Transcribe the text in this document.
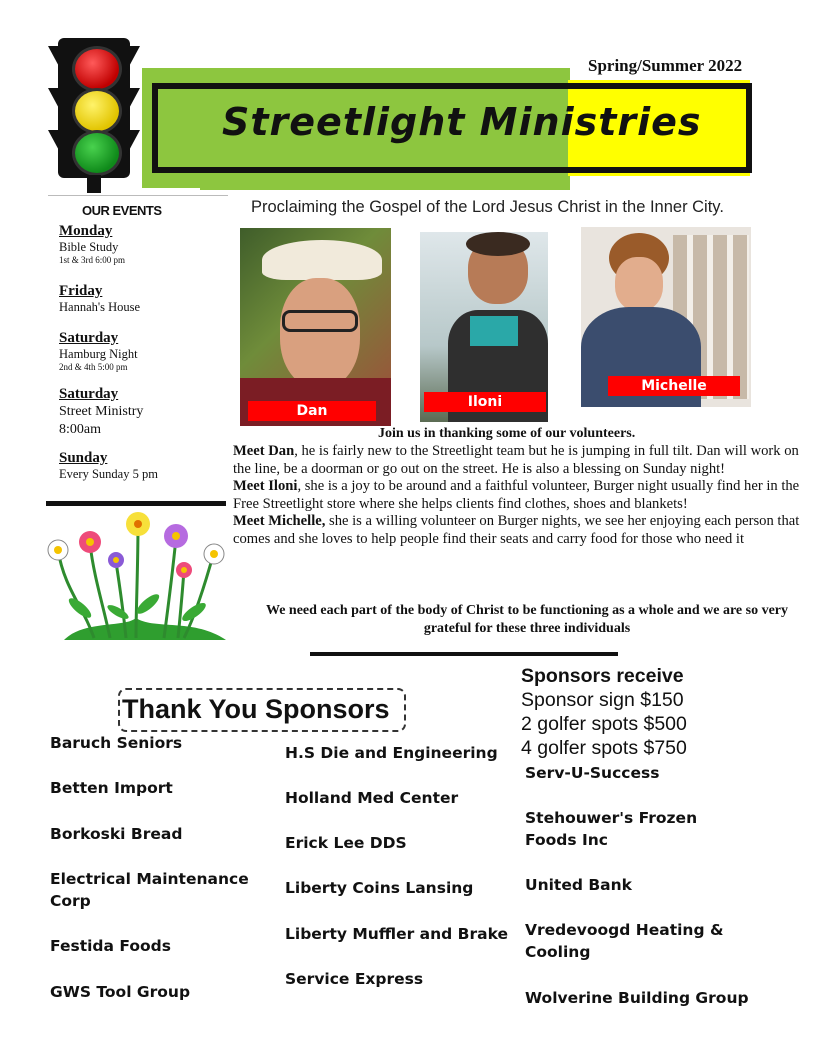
Streetlight Ministries
Spring/Summer 2022
Proclaiming the Gospel of the Lord Jesus Christ in the Inner City.
OUR EVENTS
Monday
Bible Study
1st & 3rd 6:00 pm
Friday
Hannah's House
Saturday
Hamburg Night
2nd & 4th 5:00 pm
Saturday
Street Ministry
8:00am
Sunday
Every Sunday 5 pm
Dan
Iloni
Michelle
Join us in thanking some of our volunteers.
Meet Dan, he is fairly new to the Streetlight team but he is jumping in full tilt. Dan will work on the line, be a doorman or go out on the street. He is also a blessing on Sunday night!
Meet Iloni, she is a joy to be around and a faithful volunteer, Burger night usually find her in the Free Streetlight store where she helps clients find clothes, shoes and blankets!
Meet Michelle, she is a willing volunteer on Burger nights, we see her enjoying each person that comes and she loves to help people find their seats and carry food for those who need it
We need each part of the body of Christ to be functioning as a whole and we are so very grateful for these three individuals
Thank You Sponsors
Sponsors receive
Sponsor sign $150
2 golfer spots $500
4 golfer spots $750
Baruch Seniors
Betten Import
Borkoski Bread
Electrical Maintenance Corp
Festida Foods
GWS Tool Group
H.S Die and Engineering
Holland Med Center
Erick Lee DDS
Liberty Coins Lansing
Liberty Muffler and Brake
Service Express
Serv-U-Success
Stehouwer's Frozen Foods Inc
United Bank
Vredevoogd Heating & Cooling
Wolverine Building Group
